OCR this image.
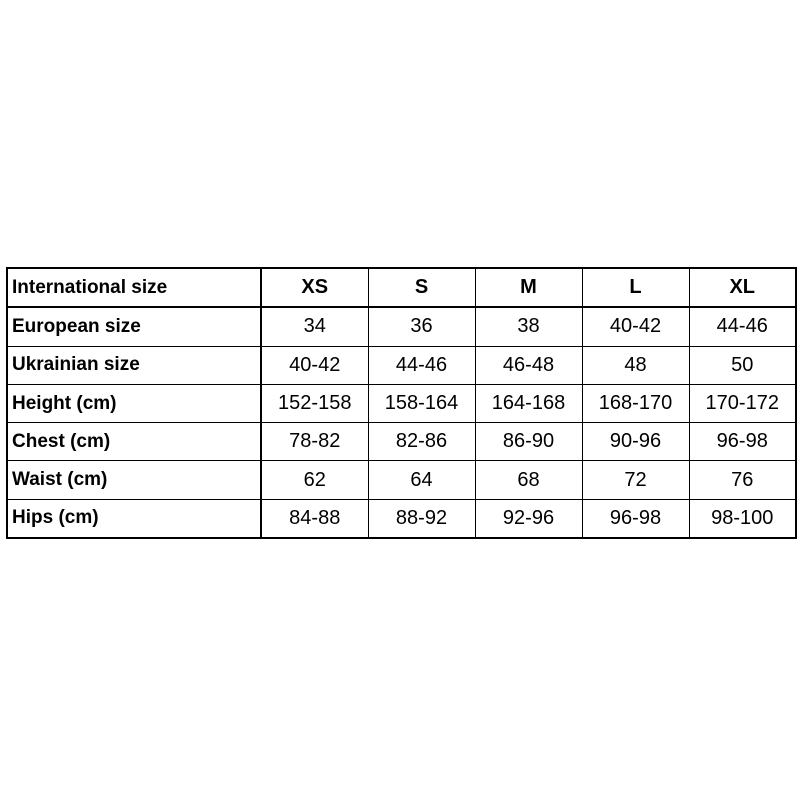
International size	XS	S	M	L	XL
European size	34	36	38	40-42	44-46
Ukrainian size	40-42	44-46	46-48	48	50
Height (cm)	152-158	158-164	164-168	168-170	170-172
Chest (cm)	78-82	82-86	86-90	90-96	96-98
Waist (cm)	62	64	68	72	76
Hips (cm)	84-88	88-92	92-96	96-98	98-100
